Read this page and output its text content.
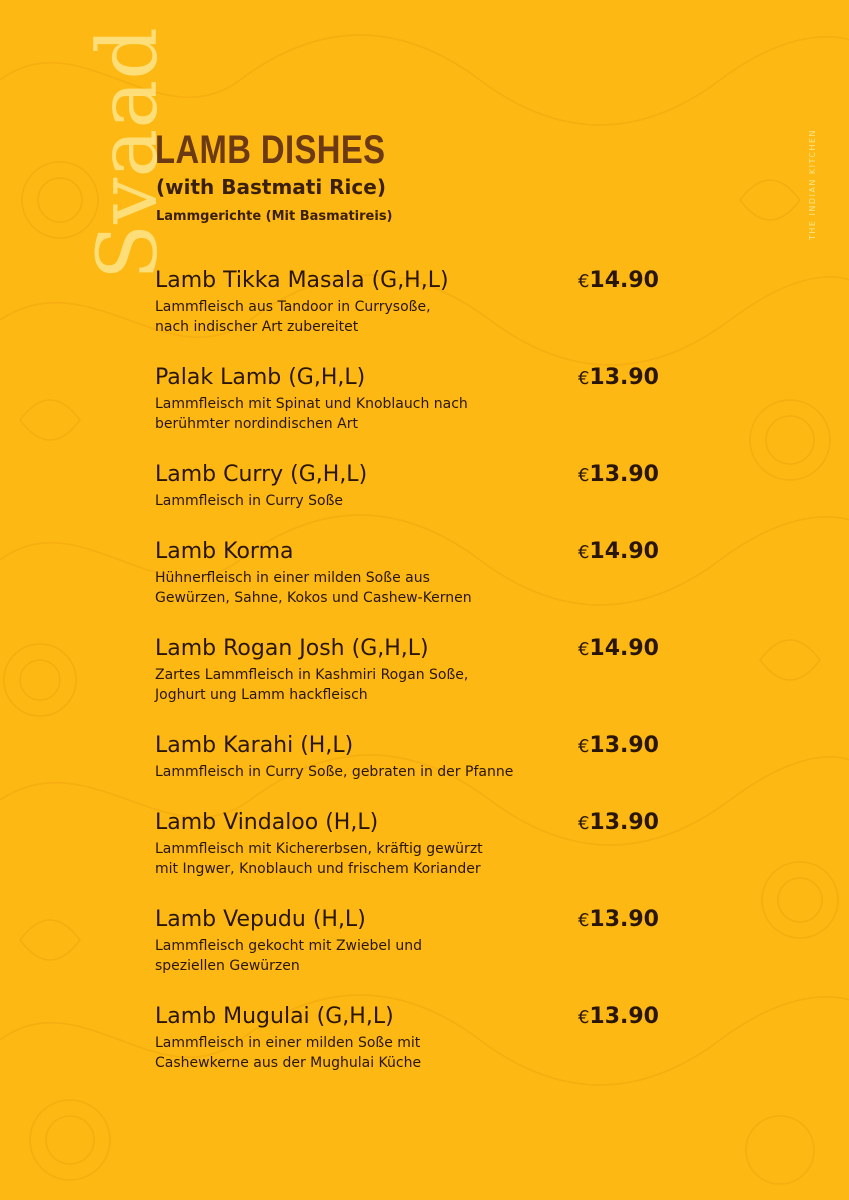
Svaad	THE INDIAN KITCHEN
LAMB DISHES
(with Bastmati Rice)
Lammgerichte (Mit Basmatireis)
Lamb Tikka Masala (G,H,L)	€14.90
Lammfleisch aus Tandoor in Currysoße,
nach indischer Art zubereitet
Palak Lamb (G,H,L)	€13.90
Lammfleisch mit Spinat und Knoblauch nach
berühmter nordindischen Art
Lamb Curry (G,H,L)	€13.90
Lammfleisch in Curry Soße
Lamb Korma	€14.90
Hühnerfleisch in einer milden Soße aus
Gewürzen, Sahne, Kokos und Cashew-Kernen
Lamb Rogan Josh (G,H,L)	€14.90
Zartes Lammfleisch in Kashmiri Rogan Soße,
Joghurt ung Lamm hackfleisch
Lamb Karahi (H,L)	€13.90
Lammfleisch in Curry Soße, gebraten in der Pfanne
Lamb Vindaloo (H,L)	€13.90
Lammfleisch mit Kichererbsen, kräftig gewürzt
mit Ingwer, Knoblauch und frischem Koriander
Lamb Vepudu (H,L)	€13.90
Lammfleisch gekocht mit Zwiebel und
speziellen Gewürzen
Lamb Mugulai (G,H,L)	€13.90
Lammfleisch in einer milden Soße mit
Cashewkerne aus der Mughulai Küche
